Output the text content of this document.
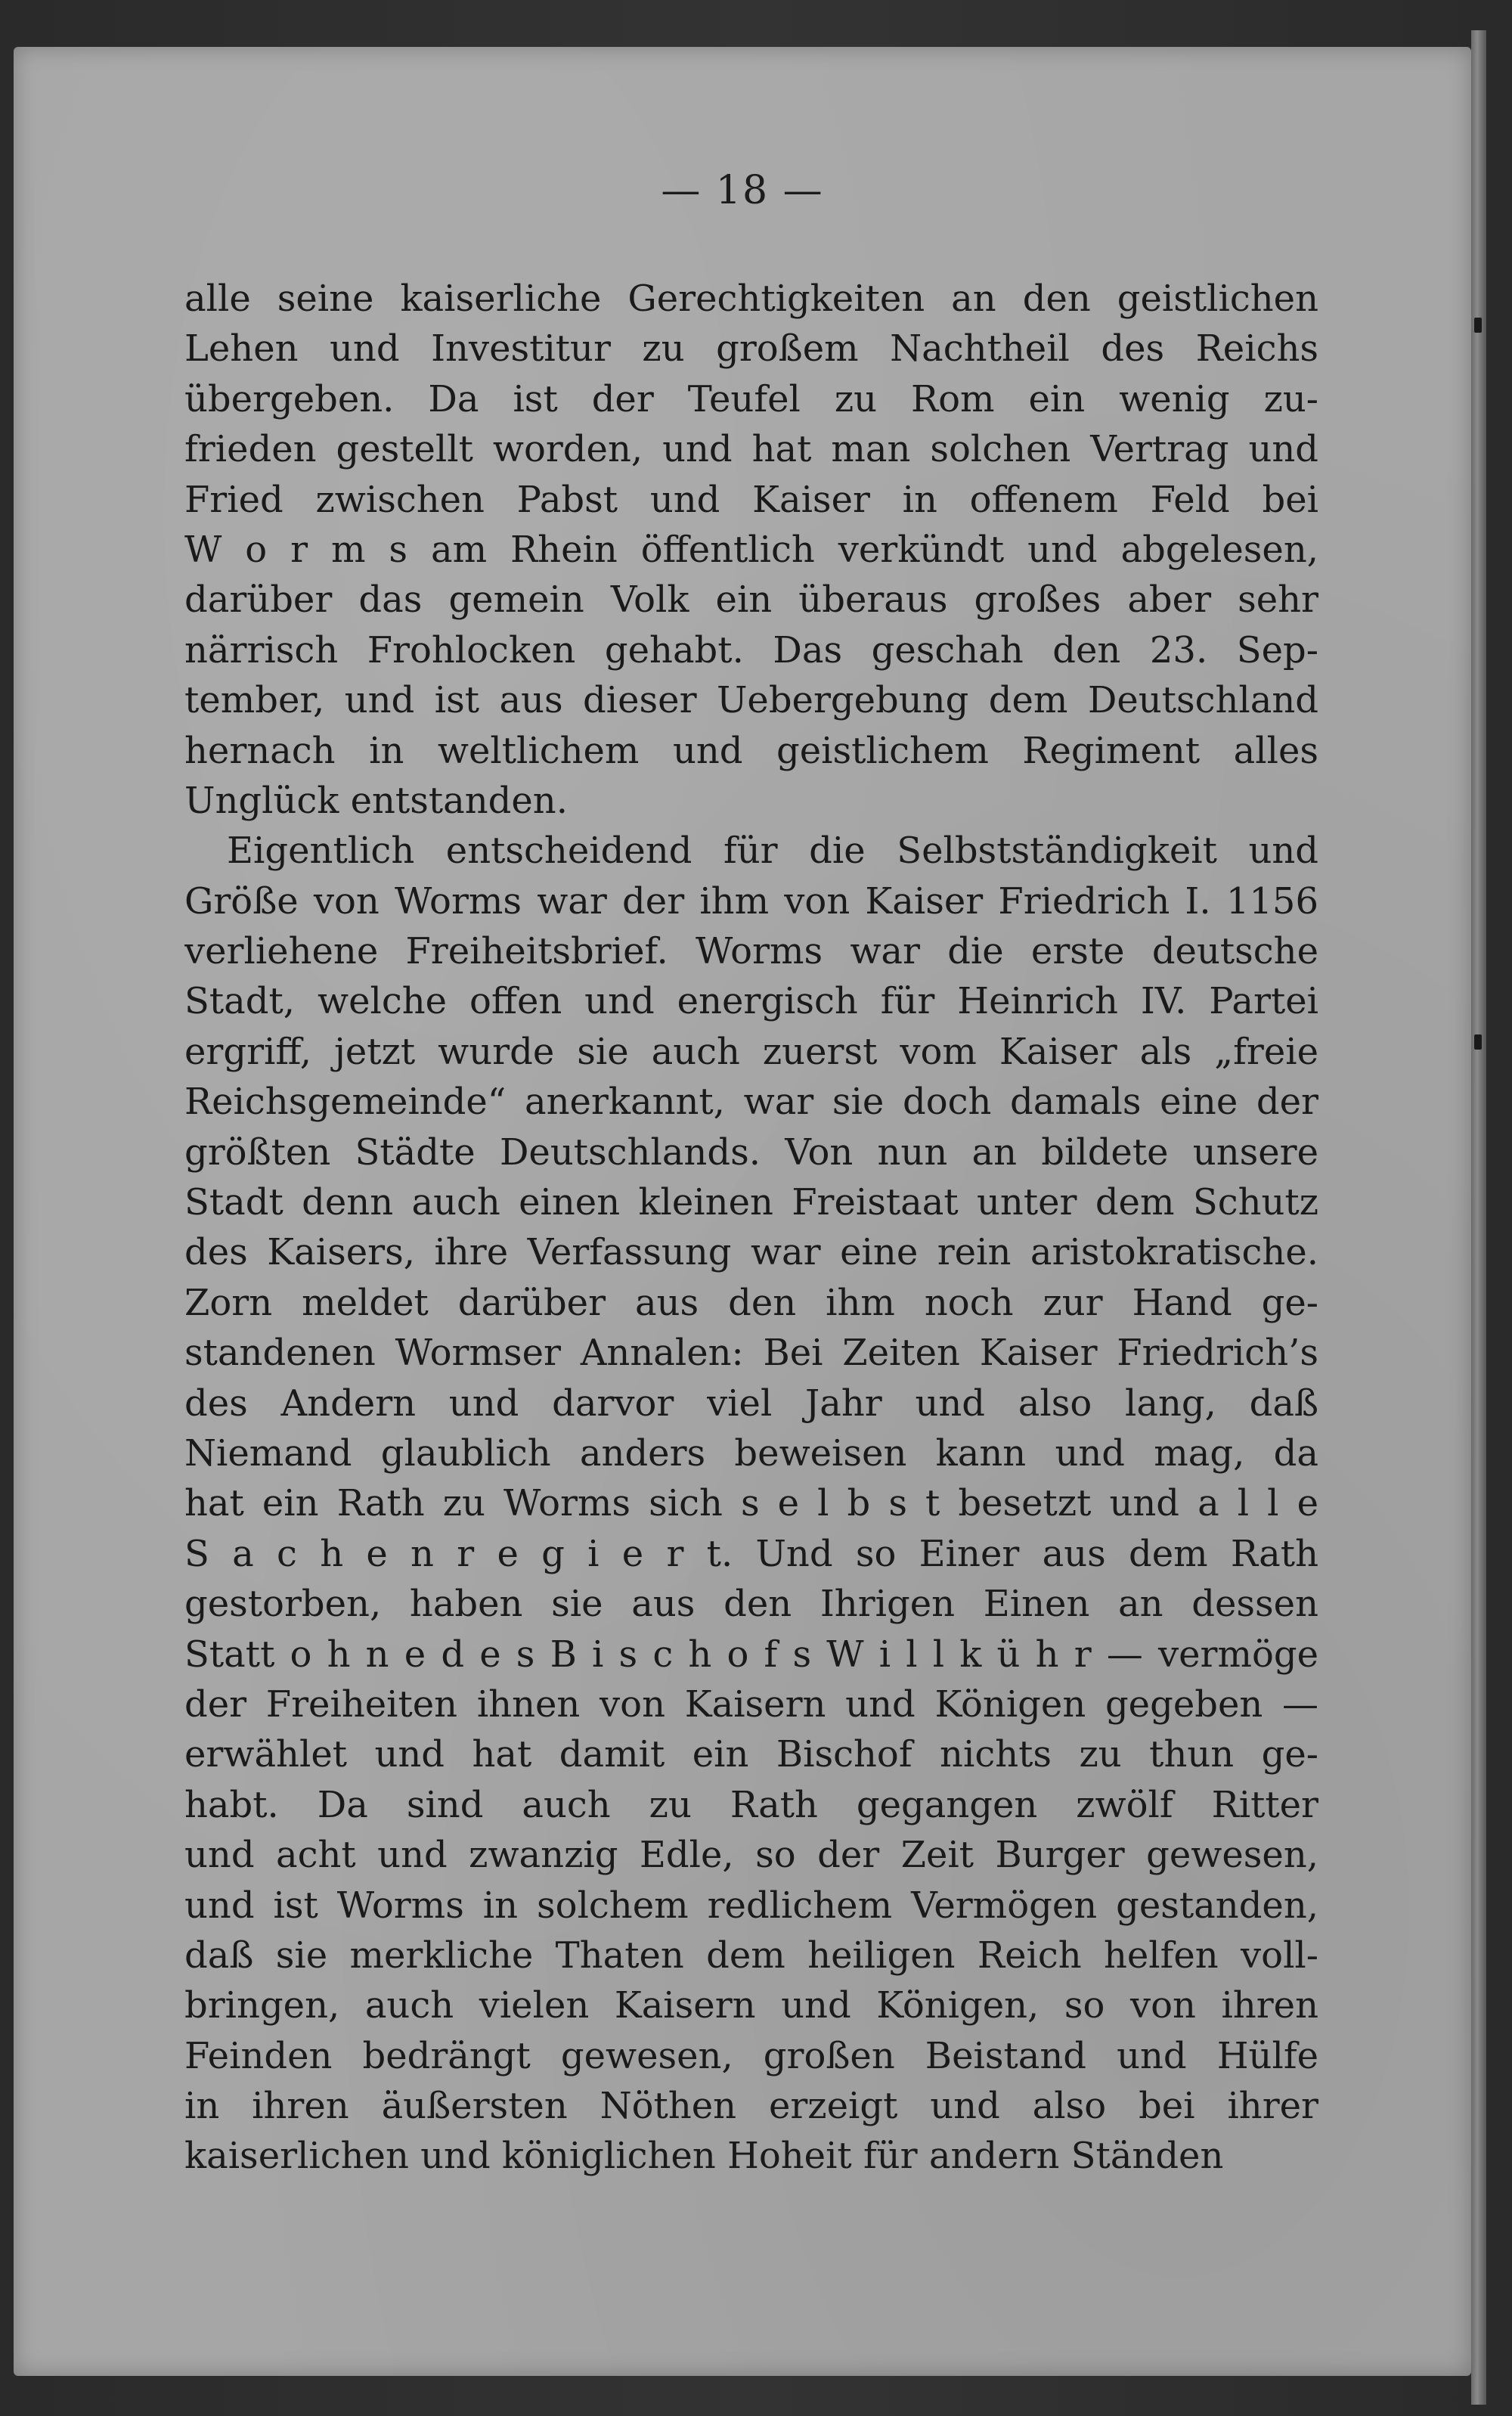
— 18 —
alle seine kaiserliche Gerechtigkeiten an den geistlichen
Lehen und Investitur zu großem Nachtheil des Reichs
übergeben. Da ist der Teufel zu Rom ein wenig zu-
frieden gestellt worden, und hat man solchen Vertrag und
Fried zwischen Pabst und Kaiser in offenem Feld bei
W o r m s am Rhein öffentlich verkündt und abgelesen,
darüber das gemein Volk ein überaus großes aber sehr
närrisch Frohlocken gehabt. Das geschah den 23. Sep-
tember, und ist aus dieser Uebergebung dem Deutschland
hernach in weltlichem und geistlichem Regiment alles
Unglück entstanden.
Eigentlich entscheidend für die Selbstständigkeit und
Größe von Worms war der ihm von Kaiser Friedrich I. 1156
verliehene Freiheitsbrief. Worms war die erste deutsche
Stadt, welche offen und energisch für Heinrich IV. Partei
ergriff, jetzt wurde sie auch zuerst vom Kaiser als „freie
Reichsgemeinde“ anerkannt, war sie doch damals eine der
größten Städte Deutschlands. Von nun an bildete unsere
Stadt denn auch einen kleinen Freistaat unter dem Schutz
des Kaisers, ihre Verfassung war eine rein aristokratische.
Zorn meldet darüber aus den ihm noch zur Hand ge-
standenen Wormser Annalen: Bei Zeiten Kaiser Friedrich’s
des Andern und darvor viel Jahr und also lang, daß
Niemand glaublich anders beweisen kann und mag, da
hat ein Rath zu Worms sich s e l b s t besetzt und a l l e
S a c h e n r e g i e r t. Und so Einer aus dem Rath
gestorben, haben sie aus den Ihrigen Einen an dessen
Statt o h n e d e s B i s c h o f s W i l l k ü h r — vermöge
der Freiheiten ihnen von Kaisern und Königen gegeben —
erwählet und hat damit ein Bischof nichts zu thun ge-
habt. Da sind auch zu Rath gegangen zwölf Ritter
und acht und zwanzig Edle, so der Zeit Burger gewesen,
und ist Worms in solchem redlichem Vermögen gestanden,
daß sie merkliche Thaten dem heiligen Reich helfen voll-
bringen, auch vielen Kaisern und Königen, so von ihren
Feinden bedrängt gewesen, großen Beistand und Hülfe
in ihren äußersten Nöthen erzeigt und also bei ihrer
kaiserlichen und königlichen Hoheit für andern Ständen
